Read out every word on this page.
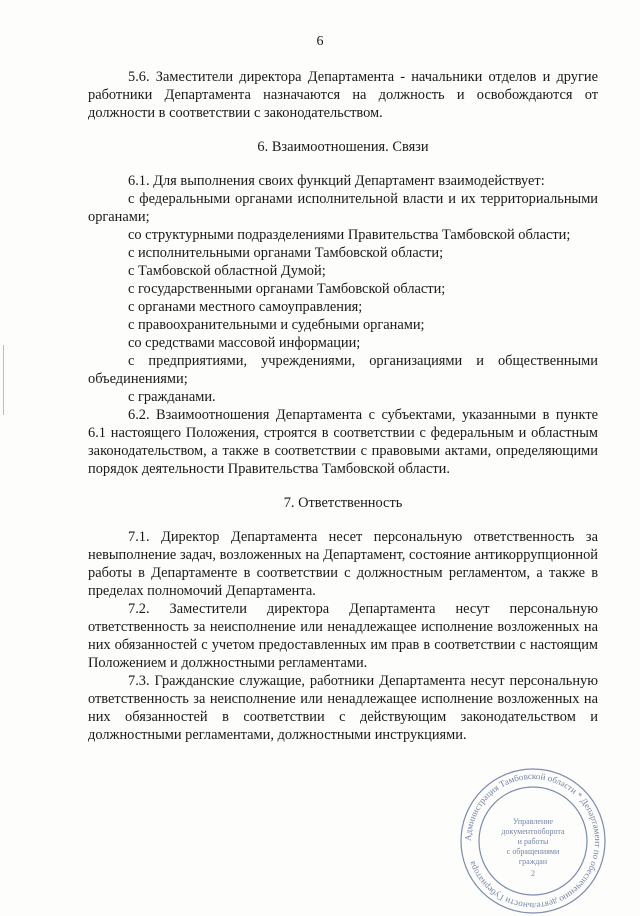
6

5.6. Заместители директора Департамента - начальники отделов и другие работники Департамента назначаются на должность и освобождаются от должности в соответствии с законодательством.

6. Взаимоотношения. Связи

6.1. Для выполнения своих функций Департамент взаимодействует:

с федеральными органами исполнительной власти и их территориальными органами;

со структурными подразделениями Правительства Тамбовской области;

с исполнительными органами Тамбовской области;

с Тамбовской областной Думой;

с государственными органами Тамбовской области;

с органами местного самоуправления;

с правоохранительными и судебными органами;

со средствами массовой информации;

с предприятиями, учреждениями, организациями и общественными объединениями;

с гражданами.

6.2. Взаимоотношения Департамента с субъектами, указанными в пункте 6.1 настоящего Положения, строятся в соответствии с федеральным и областным законодательством, а также в соответствии с правовыми актами, определяющими порядок деятельности Правительства Тамбовской области.

7. Ответственность

7.1. Директор Департамента несет персональную ответственность за невыполнение задач, возложенных на Департамент, состояние антикоррупционной работы в Департаменте в соответствии с должностным регламентом, а также в пределах полномочий Департамента.

7.2. Заместители директора Департамента несут персональную ответственность за неисполнение или ненадлежащее исполнение возложенных на них обязанностей с учетом предоставленных им прав в соответствии с настоящим Положением и должностными регламентами.

7.3. Гражданские служащие, работники Департамента несут персональную ответственность за неисполнение или ненадлежащее исполнение возложенных на них обязанностей в соответствии с действующим законодательством и должностными регламентами, должностными инструкциями.

Администрация Тамбовской области * Департамент по обеспечению деятельности Губернатора
Управление
документооборота
и работы
с обращениями
граждан
2
